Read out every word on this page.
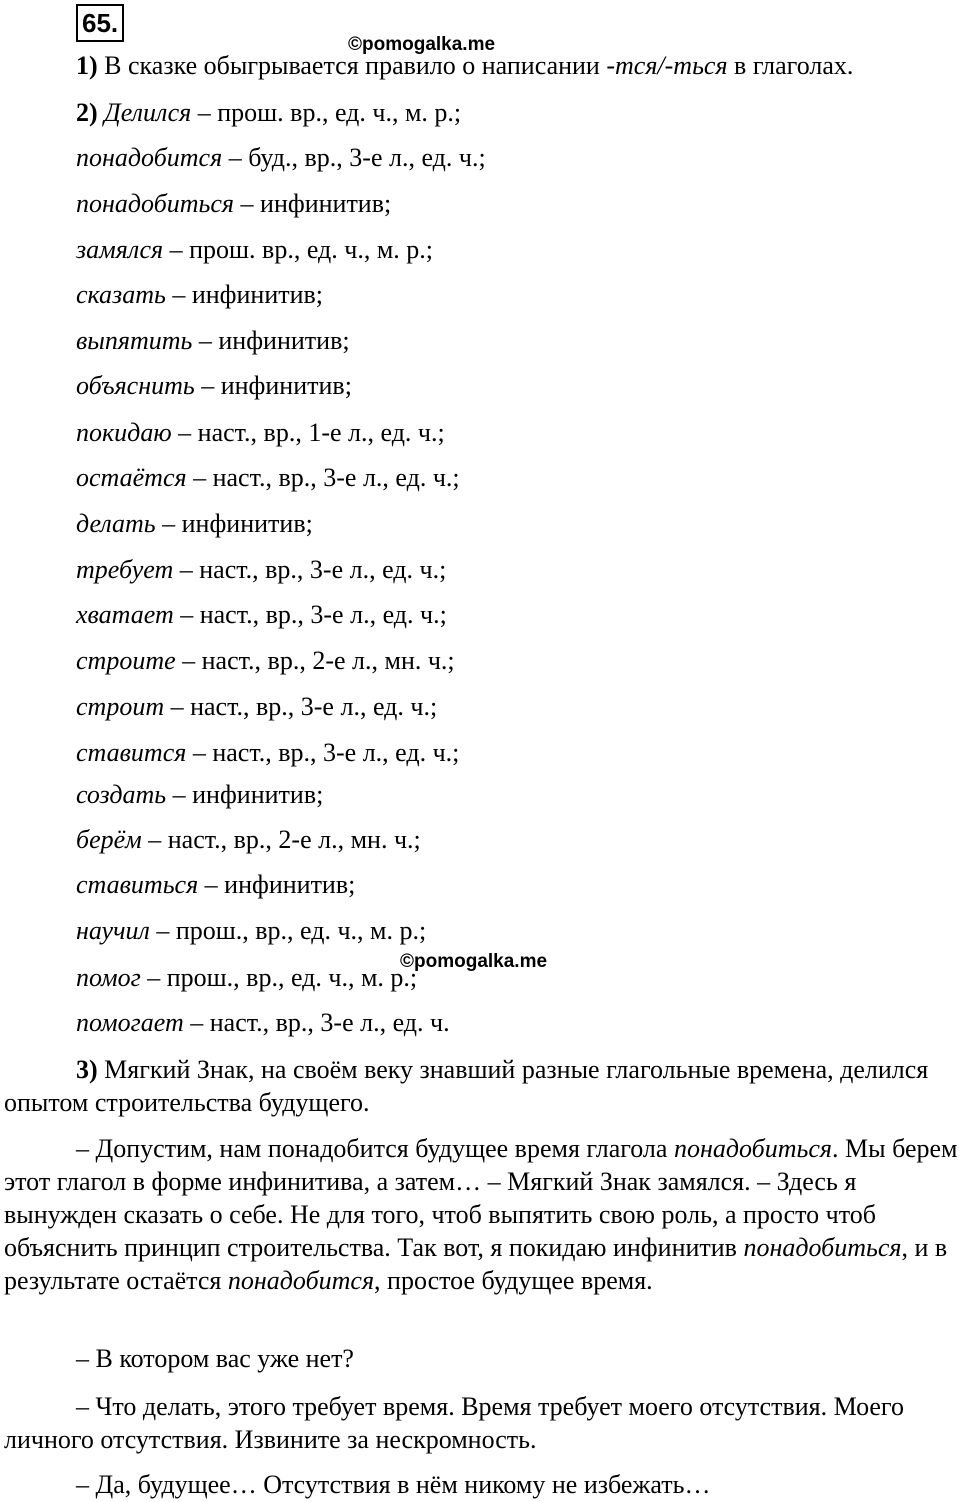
65.
©pomogalka.me
1) В сказке обыгрывается правило о написании -тся/-ться в глаголах.
2) Делился – прош. вр., ед. ч., м. р.;
понадобится – буд., вр., 3-е л., ед. ч.;
понадобиться – инфинитив;
замялся – прош. вр., ед. ч., м. р.;
сказать – инфинитив;
выпятить – инфинитив;
объяснить – инфинитив;
покидаю – наст., вр., 1-е л., ед. ч.;
остаётся – наст., вр., 3-е л., ед. ч.;
делать – инфинитив;
требует – наст., вр., 3-е л., ед. ч.;
хватает – наст., вр., 3-е л., ед. ч.;
строите – наст., вр., 2-е л., мн. ч.;
строит – наст., вр., 3-е л., ед. ч.;
ставится – наст., вр., 3-е л., ед. ч.;
создать – инфинитив;
берём – наст., вр., 2-е л., мн. ч.;
ставиться – инфинитив;
научил – прош., вр., ед. ч., м. р.;
©pomogalka.me
помог – прош., вр., ед. ч., м. р.;
помогает – наст., вр., 3-е л., ед. ч.

3) Мягкий Знак, на своём веку знавший разные глагольные времена, делился опытом строительства будущего.

– Допустим, нам понадобится будущее время глагола понадобиться. Мы берем этот глагол в форме инфинитива, а затем… – Мягкий Знак замялся. – Здесь я вынужден сказать о себе. Не для того, чтоб выпятить свою роль, а просто чтоб объяснить принцип строительства. Так вот, я покидаю инфинитив понадобиться, и в результате остаётся понадобится, простое будущее время.

– В котором вас уже нет?

– Что делать, этого требует время. Время требует моего отсутствия. Моего личного отсутствия. Извините за нескромность.

– Да, будущее… Отсутствия в нём никому не избежать…
